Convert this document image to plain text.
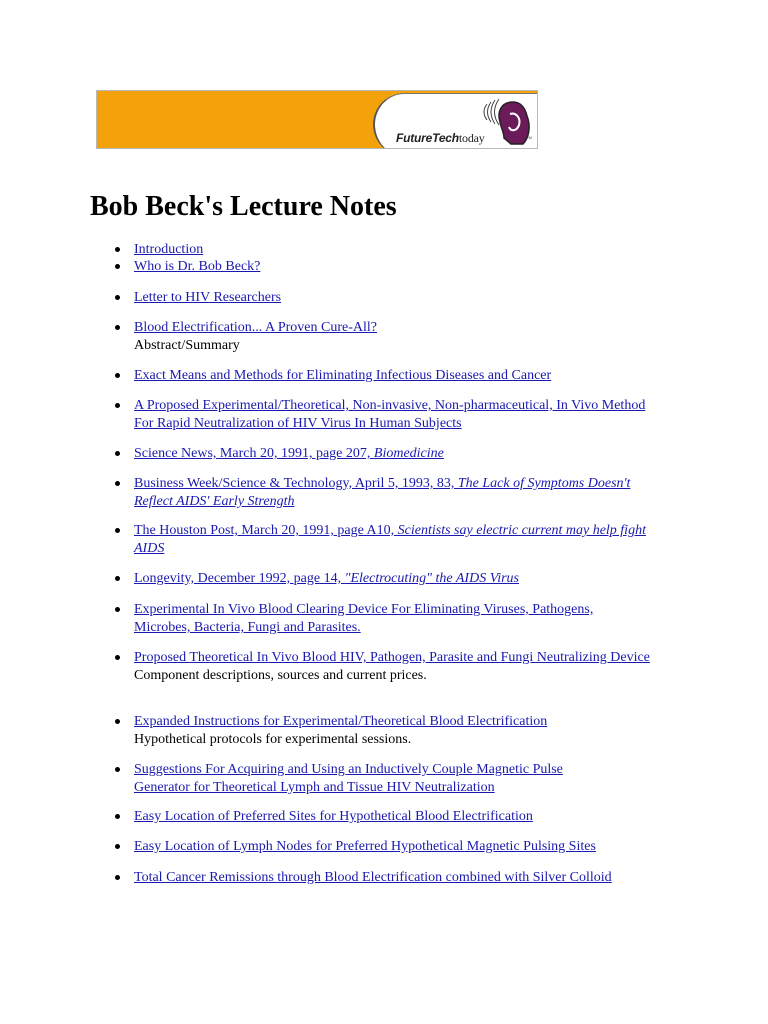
FutureTechtoday	TM
Bob Beck's Lecture Notes
Introduction
Who is Dr. Bob Beck?
Letter to HIV Researchers
Blood Electrification... A Proven Cure-All?
Abstract/Summary
Exact Means and Methods for Eliminating Infectious Diseases and Cancer
A Proposed Experimental/Theoretical, Non-invasive, Non-pharmaceutical, In Vivo Method For Rapid Neutralization of HIV Virus In Human Subjects
Science News, March 20, 1991, page 207, Biomedicine
Business Week/Science & Technology, April 5, 1993, 83, The Lack of Symptoms Doesn't Reflect AIDS' Early Strength
The Houston Post, March 20, 1991, page A10, Scientists say electric current may help fight AIDS
Longevity, December 1992, page 14, "Electrocuting" the AIDS Virus
Experimental In Vivo Blood Clearing Device For Eliminating Viruses, Pathogens, Microbes, Bacteria, Fungi and Parasites.
Proposed Theoretical In Vivo Blood HIV, Pathogen, Parasite and Fungi Neutralizing Device
Component descriptions, sources and current prices.
Expanded Instructions for Experimental/Theoretical Blood Electrification
Hypothetical protocols for experimental sessions.
Suggestions For Acquiring and Using an Inductively Couple Magnetic Pulse Generator for Theoretical Lymph and Tissue HIV Neutralization
Easy Location of Preferred Sites for Hypothetical Blood Electrification
Easy Location of Lymph Nodes for Preferred Hypothetical Magnetic Pulsing Sites
Total Cancer Remissions through Blood Electrification combined with Silver Colloid
